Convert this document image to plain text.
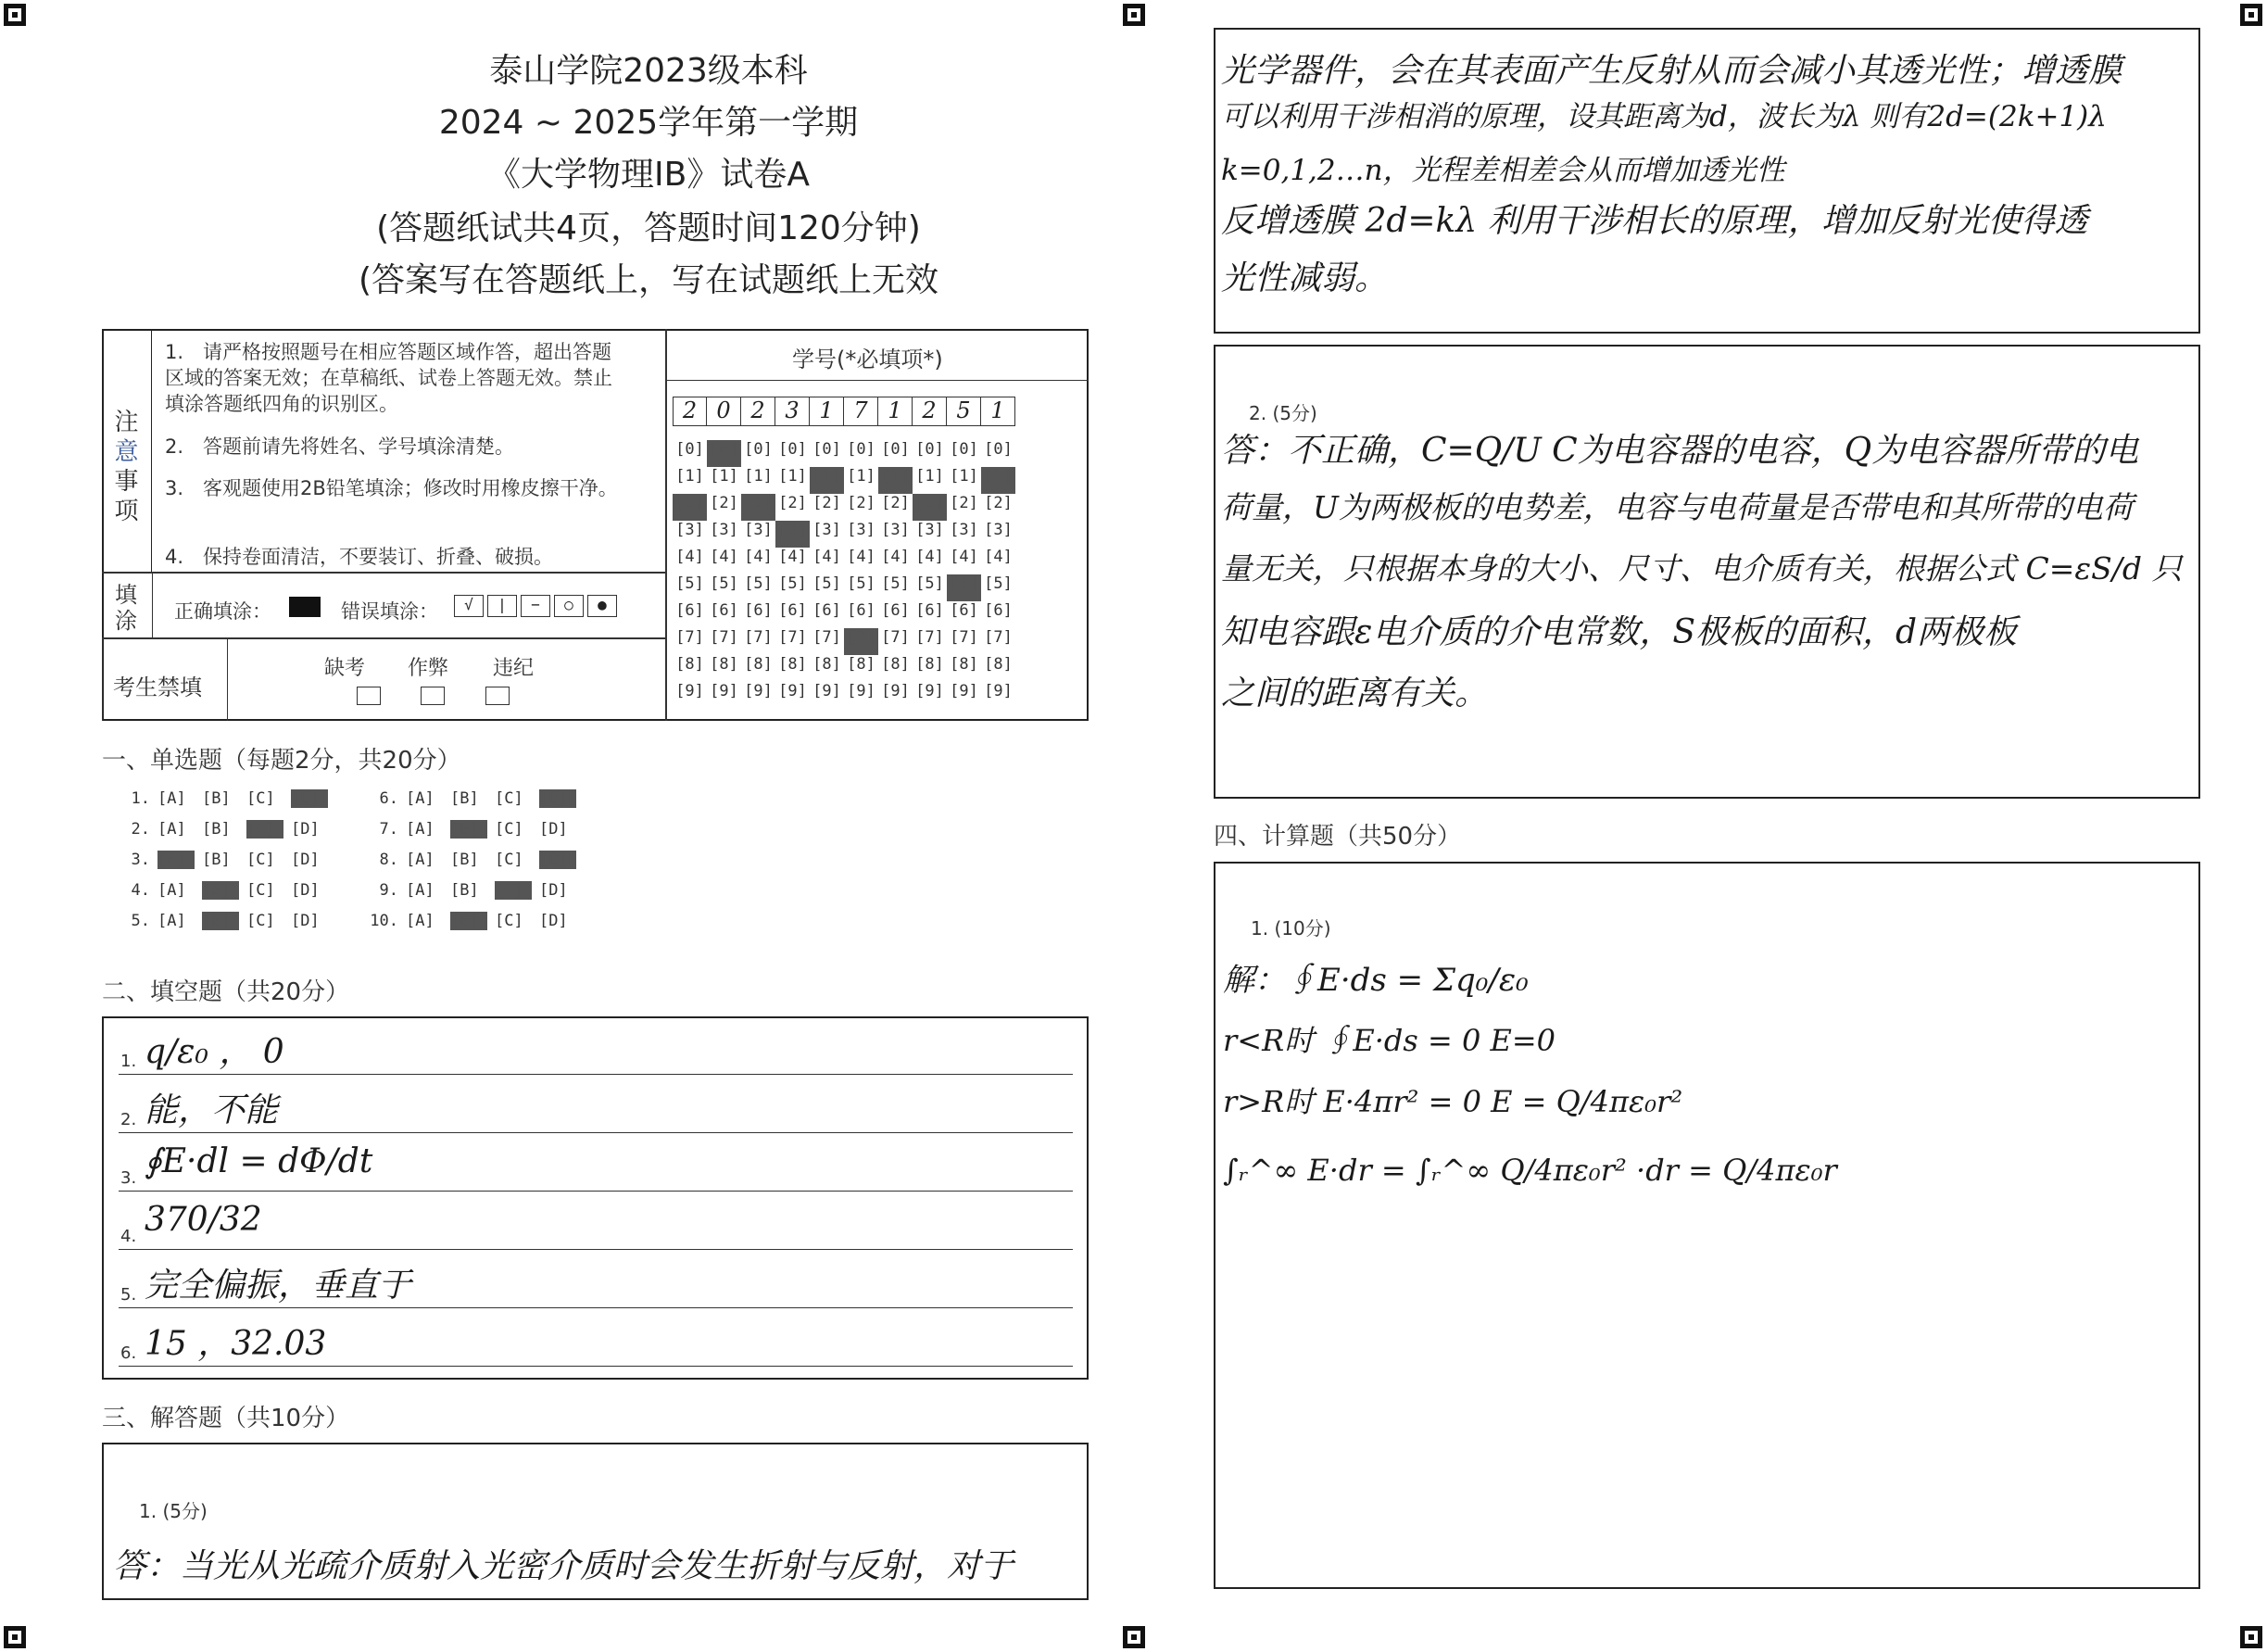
泰山学院2023级本科
2024 ~ 2025学年第一学期
《大学物理IB》试卷A
(答题纸试共4页，答题时间120分钟)
(答案写在答题纸上，写在试题纸上无效
注
意
事
项
1.　请严格按照题号在相应答题区域作答，超出答题区域的答案无效；在草稿纸、试卷上答题无效。禁止填涂答题纸四角的识别区。
2.　答题前请先将姓名、学号填涂清楚。
3.　客观题使用2B铅笔填涂；修改时用橡皮擦干净。
4.　保持卷面清洁，不要装订、折叠、破损。
填
涂 正确填涂：	错误填涂：	√ | − ○ ●
考生禁填
缺考 作弊 违纪
学号(*必填项*)
2 0 2 3 1 7 1 2 5 1
[0] [0] [0] [0] [0] [0] [0] [0] [0] [0]
[1] [1] [1] [1] [1] [1] [1] [1] [1] [1]
[2] [2] [2] [2] [2] [2] [2] [2] [2] [2]
[3] [3] [3] [3] [3] [3] [3] [3] [3] [3]
[4] [4] [4] [4] [4] [4] [4] [4] [4] [4]
[5] [5] [5] [5] [5] [5] [5] [5] [5] [5]
[6] [6] [6] [6] [6] [6] [6] [6] [6] [6]
[7] [7] [7] [7] [7] [7] [7] [7] [7] [7]
[8] [8] [8] [8] [8] [8] [8] [8] [8] [8]
[9] [9] [9] [9] [9] [9] [9] [9] [9] [9]
一、单选题（每题2分，共20分）
1. [A] [B] [C] [D]
2. [A] [B] [C] [D]
3. [A] [B] [C] [D]
4. [A] [B] [C] [D]
5. [A] [B] [C] [D]
6. [A] [B] [C] [D]
7. [A] [B] [C] [D]
8. [A] [B] [C] [D]
9. [A] [B] [C] [D]
10. [A] [B] [C] [D]
二、填空题（共20分）
1. q/ε₀ ， 0
2. 能，不能
3. ∮E·dl = dΦ/dt
4. 370/32
5. 完全偏振，垂直于
6. 15 ，32.03
三、解答题（共10分）
1. (5分)
答：当光从光疏介质射入光密介质时会发生折射与反射，对于
光学器件，会在其表面产生反射从而会减小其透光性；增透膜
可以利用干涉相消的原理，设其距离为d，波长为λ 则有2d=(2k+1)λ
k=0,1,2…n，光程差相差会从而增加透光性
反增透膜 2d=kλ 利用干涉相长的原理，增加反射光使得透
光性减弱。
2. (5分)
答：不正确，C=Q/U C为电容器的电容，Q为电容器所带的电
荷量，U为两极板的电势差，电容与电荷量是否带电和其所带的电荷
量无关，只根据本身的大小、尺寸、电介质有关，根据公式 C=εS/d 只
知电容跟ε电介质的介电常数，S极板的面积，d两极板
之间的距离有关。
四、计算题（共50分）
1. (10分)
解：∮E·ds = Σq₀/ε₀
r<R时 ∮E·ds = 0 E=0
r>R时 E·4πr² = 0 E = Q/4πε₀r²
∫ᵣ^∞ E·dr = ∫ᵣ^∞ Q/4πε₀r² ·dr = Q/4πε₀r
